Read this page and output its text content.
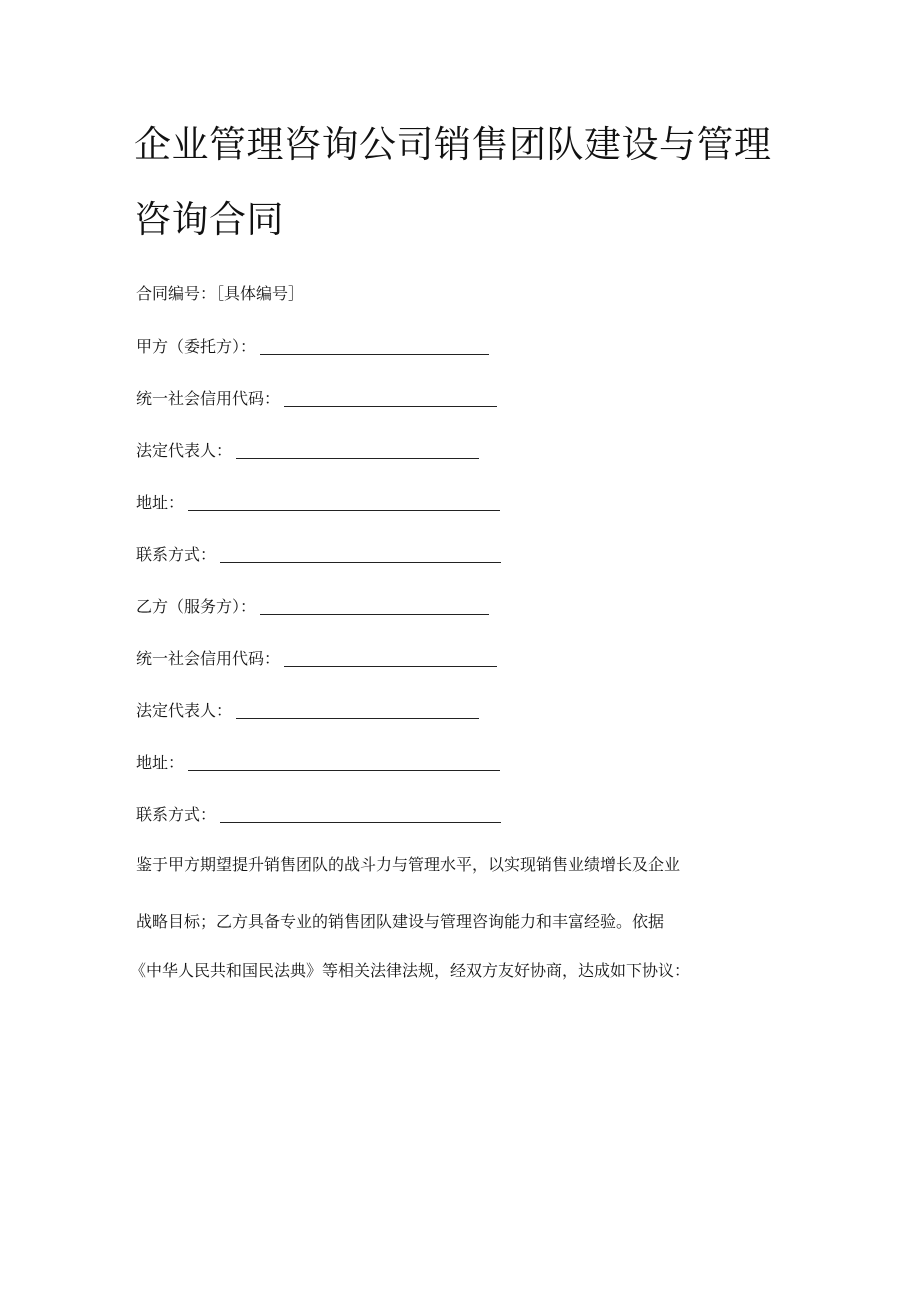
企业管理咨询公司销售团队建设与管理
咨询合同
合同编号：［具体编号］
甲方（委托方）：
统一社会信用代码：
法定代表人：
地址：
联系方式：
乙方（服务方）：
统一社会信用代码：
法定代表人：
地址：
联系方式：
鉴于甲方期望提升销售团队的战斗力与管理水平，以实现销售业绩增长及企业
战略目标；乙方具备专业的销售团队建设与管理咨询能力和丰富经验。依据
《中华人民共和国民法典》等相关法律法规，经双方友好协商，达成如下协议：
